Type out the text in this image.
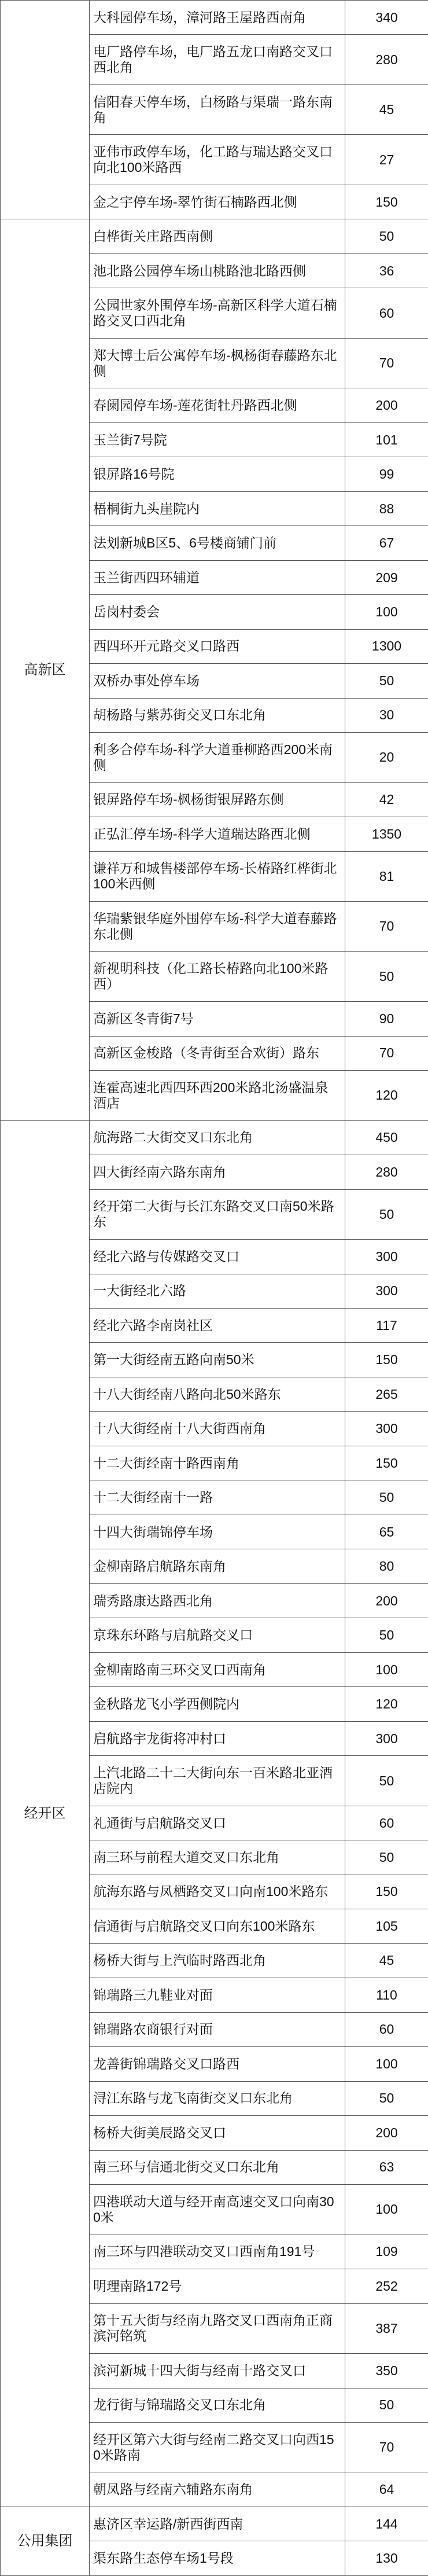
	大科园停车场，漳河路王屋路西南角	340
	电厂路停车场，电厂路五龙口南路交叉口西北角	280
	信阳春天停车场，白杨路与渠瑞一路东南角	45
	亚伟市政停车场，化工路与瑞达路交叉口向北100米路西	27
	金之宇停车场-翠竹街石楠路西北侧	150
高新区	白桦街关庄路西南侧	50
	池北路公园停车场山桃路池北路西侧	36
	公园世家外围停车场-高新区科学大道石楠路交叉口西北角	60
	郑大博士后公寓停车场-枫杨街春藤路东北侧	70
	春阑园停车场-莲花街牡丹路西北侧	200
	玉兰街7号院	101
	银屏路16号院	99
	梧桐街九头崖院内	88
	法划新城B区5、6号楼商铺门前	67
	玉兰街西四环辅道	209
	岳岗村委会	100
	西四环开元路交叉口路西	1300
	双桥办事处停车场	50
	胡杨路与紫苏街交叉口东北角	30
	利多合停车场-科学大道垂柳路西200米南侧	20
	银屏路停车场-枫杨街银屏路东侧	42
	正弘汇停车场-科学大道瑞达路西北侧	1350
	谦祥万和城售楼部停车场-长椿路红桦街北100米西侧	81
	华瑞紫银华庭外围停车场-科学大道春藤路东北侧	70
	新视明科技（化工路长椿路向北100米路西）	50
	高新区冬青街7号	90
	高新区金梭路（冬青街至合欢街）路东	70
	连霍高速北西四环西200米路北汤盛温泉酒店	120
经开区	航海路二大街交叉口东北角	450
	四大街经南六路东南角	280
	经开第二大街与长江东路交叉口南50米路东	50
	经北六路与传媒路交叉口	300
	一大街经北六路	300
	经北六路李南岗社区	117
	第一大街经南五路向南50米	150
	十八大街经南八路向北50米路东	265
	十八大街经南十八大街西南角	300
	十二大街经南十路西南角	150
	十二大街经南十一路	50
	十四大街瑞锦停车场	65
	金柳南路启航路东南角	80
	瑞秀路康达路西北角	200
	京珠东环路与启航路交叉口	50
	金柳南路南三环交叉口西南角	100
	金秋路龙飞小学西侧院内	120
	启航路宇龙街将冲村口	300
	上汽北路二十二大街向东一百米路北亚酒店院内	50
	礼通街与启航路交叉口	60
	南三环与前程大道交叉口东北角	50
	航海东路与凤栖路交叉口向南100米路东	150
	信通街与启航路交叉口向东100米路东	105
	杨桥大街与上汽临时路西北角	45
	锦瑞路三九鞋业对面	110
	锦瑞路农商银行对面	60
	龙善街锦瑞路交叉口路西	100
	浔江东路与龙飞南街交叉口东北角	50
	杨桥大街美辰路交叉口	200
	南三环与信通北街交叉口东北角	63
	四港联动大道与经开南高速交叉口向南300米	100
	南三环与四港联动交叉口西南角191号	109
	明理南路172号	252
	第十五大街与经南九路交叉口西南角正商滨河铭筑	387
	滨河新城十四大街与经南十路交叉口	350
	龙行街与锦瑞路交叉口东北角	50
	经开区第六大街与经南二路交叉口向西150米路南	70
	朝凤路与经南六辅路东南角	64
公用集团	惠济区幸运路/新西街西南	144
	渠东路生态停车场1号段	130
